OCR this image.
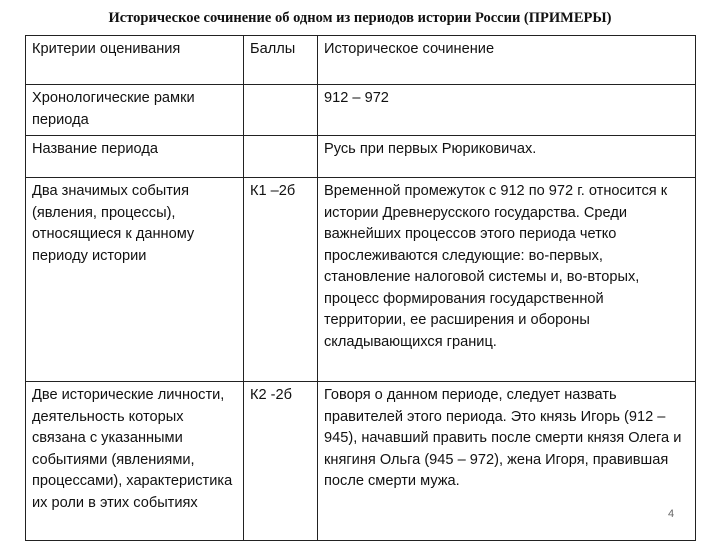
Историческое сочинение об одном из периодов истории России (ПРИМЕРЫ)
Критерии оценивания	Баллы	Историческое сочинение
Хронологические рамки периода		912 – 972
Название периода		Русь при первых Рюриковичах.
Два значимых события (явления, процессы), относящиеся к данному периоду истории	К1 –2б	Временной промежуток с 912 по 972 г. относится к истории Древнерусского государства. Среди важнейших процессов этого периода четко прослеживаются следующие: во-первых, становление налоговой системы и, во-вторых, процесс формирования государственной территории, ее расширения и обороны складывающихся границ.
Две исторические личности, деятельность которых связана с указанными событиями (явлениями, процессами), характеристика их роли в этих событиях	К2 -2б	Говоря о данном периоде, следует назвать правителей этого периода. Это князь Игорь (912 – 945), начавший править после смерти князя Олега и княгиня Ольга (945 – 972), жена Игоря, правившая после смерти мужа.
4
